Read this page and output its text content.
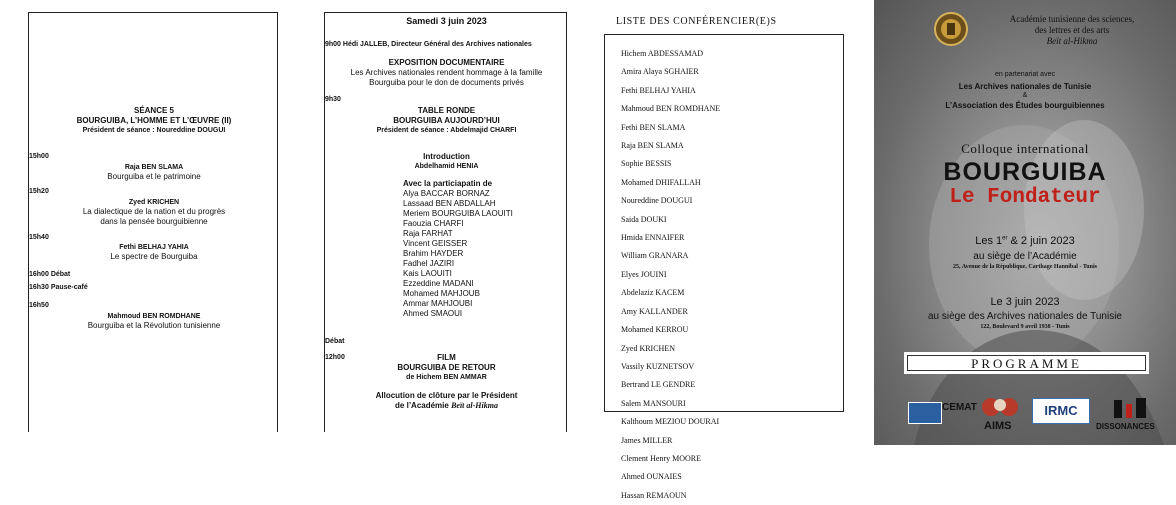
SÉANCE 5
BOURGUIBA, L’HOMME ET L’ŒUVRE (II)
Président de séance : Noureddine DOUGUI
15h00
Raja BEN SLAMA
Bourguiba et le patrimoine
15h20
Zyed KRICHEN
La dialectique de la nation et du progrès
dans la pensée bourguibienne
15h40
Fethi BELHAJ YAHIA
Le spectre de Bourguiba
16h00 Débat
16h30 Pause-café
16h50
Mahmoud BEN ROMDHANE
Bourguiba et la Révolution tunisienne
Samedi 3 juin 2023
9h00 Hédi JALLEB, Directeur Général des Archives nationales
EXPOSITION DOCUMENTAIRE
Les Archives nationales rendent hommage à la famille
Bourguiba pour le don de documents privés
9h30
TABLE RONDE
BOURGUIBA AUJOURD’HUI
Président de séance : Abdelmajid CHARFI
Introduction
Abdelhamid HENIA
Avec la particiapatin de
Alya BACCAR BORNAZ
Lassaad BEN ABDALLAH
Meriem BOURGUIBA LAOUITI
Faouzia CHARFI
Raja FARHAT
Vincent GEISSER
Brahim HAYDER
Fadhel JAZIRI
Kais LAOUITI
Ezzeddine MADANI
Mohamed MAHJOUB
Ammar MAHJOUBI
Ahmed SMAOUI
Débat
12h00	FILM
BOURGUIBA DE RETOUR
de Hichem BEN AMMAR
Allocution de clôture par le Président
de l’Académie Beït al-Hikma
LISTE DES CONFÉRENCIER(E)S
Hichem ABDESSAMAD
Amira Alaya SGHAIER
Fethi BELHAJ YAHIA
Mahmoud BEN ROMDHANE
Fethi BEN SLAMA
Raja BEN SLAMA
Sophie BESSIS
Mohamed DHIFALLAH
Noureddine DOUGUI
Saida DOUKI
Hmida ENNAIFER
William GRANARA
Elyes JOUINI
Abdelaziz KACEM
Amy KALLANDER
Mohamed KERROU
Zyed KRICHEN
Vassily KUZNETSOV
Bertrand LE GENDRE
Salem MANSOURI
Kalthoum MEZIOU DOURAI
James MILLER
Clement Henry MOORE
Ahmed OUNAIES
Hassan REMAOUN
Académie tunisienne des sciences,
des lettres et des arts
Beït al-Hikma
en partenariat avec
Les Archives nationales de Tunisie
&
L’Association des Études bourguibiennes
Colloque international
BOURGUIBA
Le Fondateur
Les 1er & 2 juin 2023
au siège de l’Académie
25, Avenue de la République, Carthage Hannibal - Tunis
Le 3 juin 2023
au siège des Archives nationales de Tunisie
122, Boulevard 9 avril 1938 - Tunis
PROGRAMME
CEMAT
AIMS
IRMC
DISSONANCES
